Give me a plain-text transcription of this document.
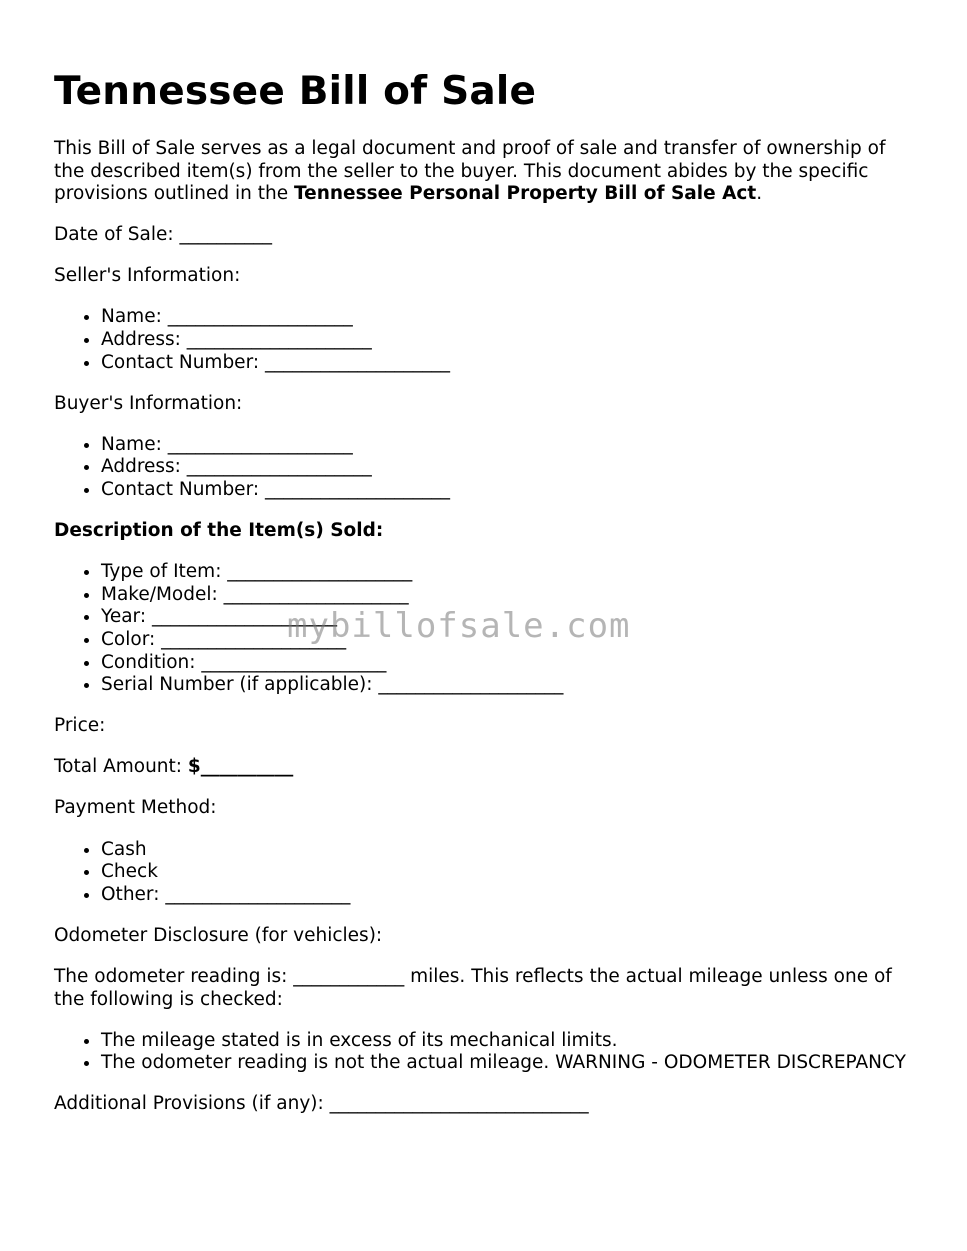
Tennessee Bill of Sale

This Bill of Sale serves as a legal document and proof of sale and transfer of ownership of the described item(s) from the seller to the buyer. This document abides by the specific provisions outlined in the Tennessee Personal Property Bill of Sale Act.

Date of Sale: __________

Seller's Information:

• Name: ____________________
• Address: ____________________
• Contact Number: ____________________

Buyer's Information:

• Name: ____________________
• Address: ____________________
• Contact Number: ____________________

Description of the Item(s) Sold:

• Type of Item: ____________________
• Make/Model: ____________________
• Year: ____________________
• Color: ____________________
• Condition: ____________________
• Serial Number (if applicable): ____________________

Price:

Total Amount: $__________

Payment Method:

• Cash
• Check
• Other: ____________________

Odometer Disclosure (for vehicles):

The odometer reading is: ____________ miles. This reflects the actual mileage unless one of the following is checked:

• The mileage stated is in excess of its mechanical limits.
• The odometer reading is not the actual mileage. WARNING - ODOMETER DISCREPANCY

Additional Provisions (if any): ____________________________

mybillofsale.com
